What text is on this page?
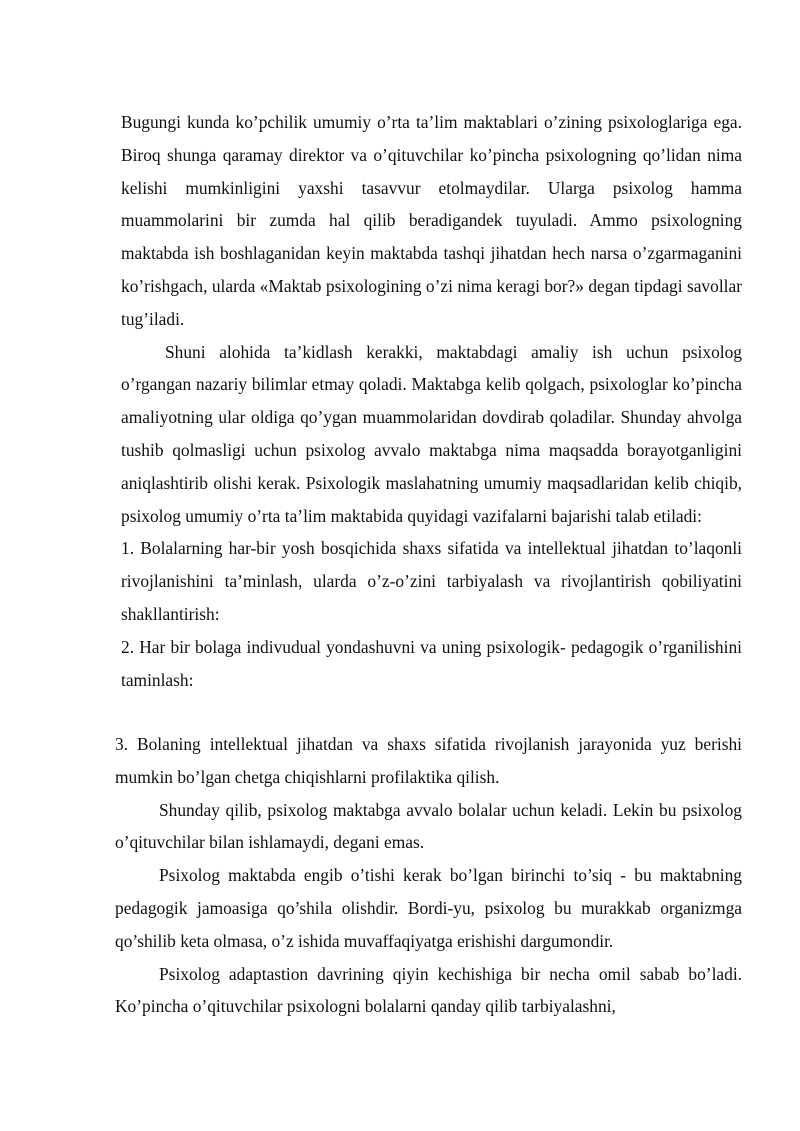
Bugungi kunda ko’pchilik umumiy o’rta ta’lim maktablari o’zining psixologlariga ega. Biroq shunga qaramay direktor va o’qituvchilar ko’pincha psixologning qo’lidan nima kelishi mumkinligini yaxshi tasavvur etolmaydilar. Ularga psixolog hamma muammolarini bir zumda hal qilib beradigandek tuyuladi. Ammo psixologning maktabda ish boshlaganidan keyin maktabda tashqi jihatdan hech narsa o’zgarmaganini ko’rishgach, ularda «Maktab psixologining o’zi nima keragi bor?» degan tipdagi savollar tug’iladi.

Shuni alohida ta’kidlash kerakki, maktabdagi amaliy ish uchun psixolog o’rgangan nazariy bilimlar etmay qoladi. Maktabga kelib qolgach, psixologlar ko’pincha amaliyotning ular oldiga qo’ygan muammolaridan dovdirab qoladilar. Shunday ahvolga tushib qolmasligi uchun psixolog avvalo maktabga nima maqsadda borayotganligini aniqlashtirib olishi kerak. Psixologik maslahatning umumiy maqsadlaridan kelib chiqib, psixolog umumiy o’rta ta’lim maktabida quyidagi vazifalarni bajarishi talab etiladi:

1. Bolalarning har-bir yosh bosqichida shaxs sifatida va intellektual jihatdan to’laqonli rivojlanishini ta’minlash, ularda o’z-o’zini tarbiyalash va rivojlantirish qobiliyatini shakllantirish:

2. Har bir bolaga indivudual yondashuvni va uning psixologik- pedagogik o’rganilishini taminlash:

3. Bolaning intellektual jihatdan va shaxs sifatida rivojlanish jarayonida yuz berishi mumkin bo’lgan chetga chiqishlarni profilaktika qilish.

Shunday qilib, psixolog maktabga avvalo bolalar uchun keladi. Lekin bu psixolog o’qituvchilar bilan ishlamaydi, degani emas.

Psixolog maktabda engib o’tishi kerak bo’lgan birinchi to’siq - bu maktabning pedagogik jamoasiga qo’shila olishdir. Bordi-yu, psixolog bu murakkab organizmga qo’shilib keta olmasa, o’z ishida muvaffaqiyatga erishishi dargumondir.

Psixolog adaptastion davrining qiyin kechishiga bir necha omil sabab bo’ladi. Ko’pincha o’qituvchilar psixologni bolalarni qanday qilib tarbiyalashni,
